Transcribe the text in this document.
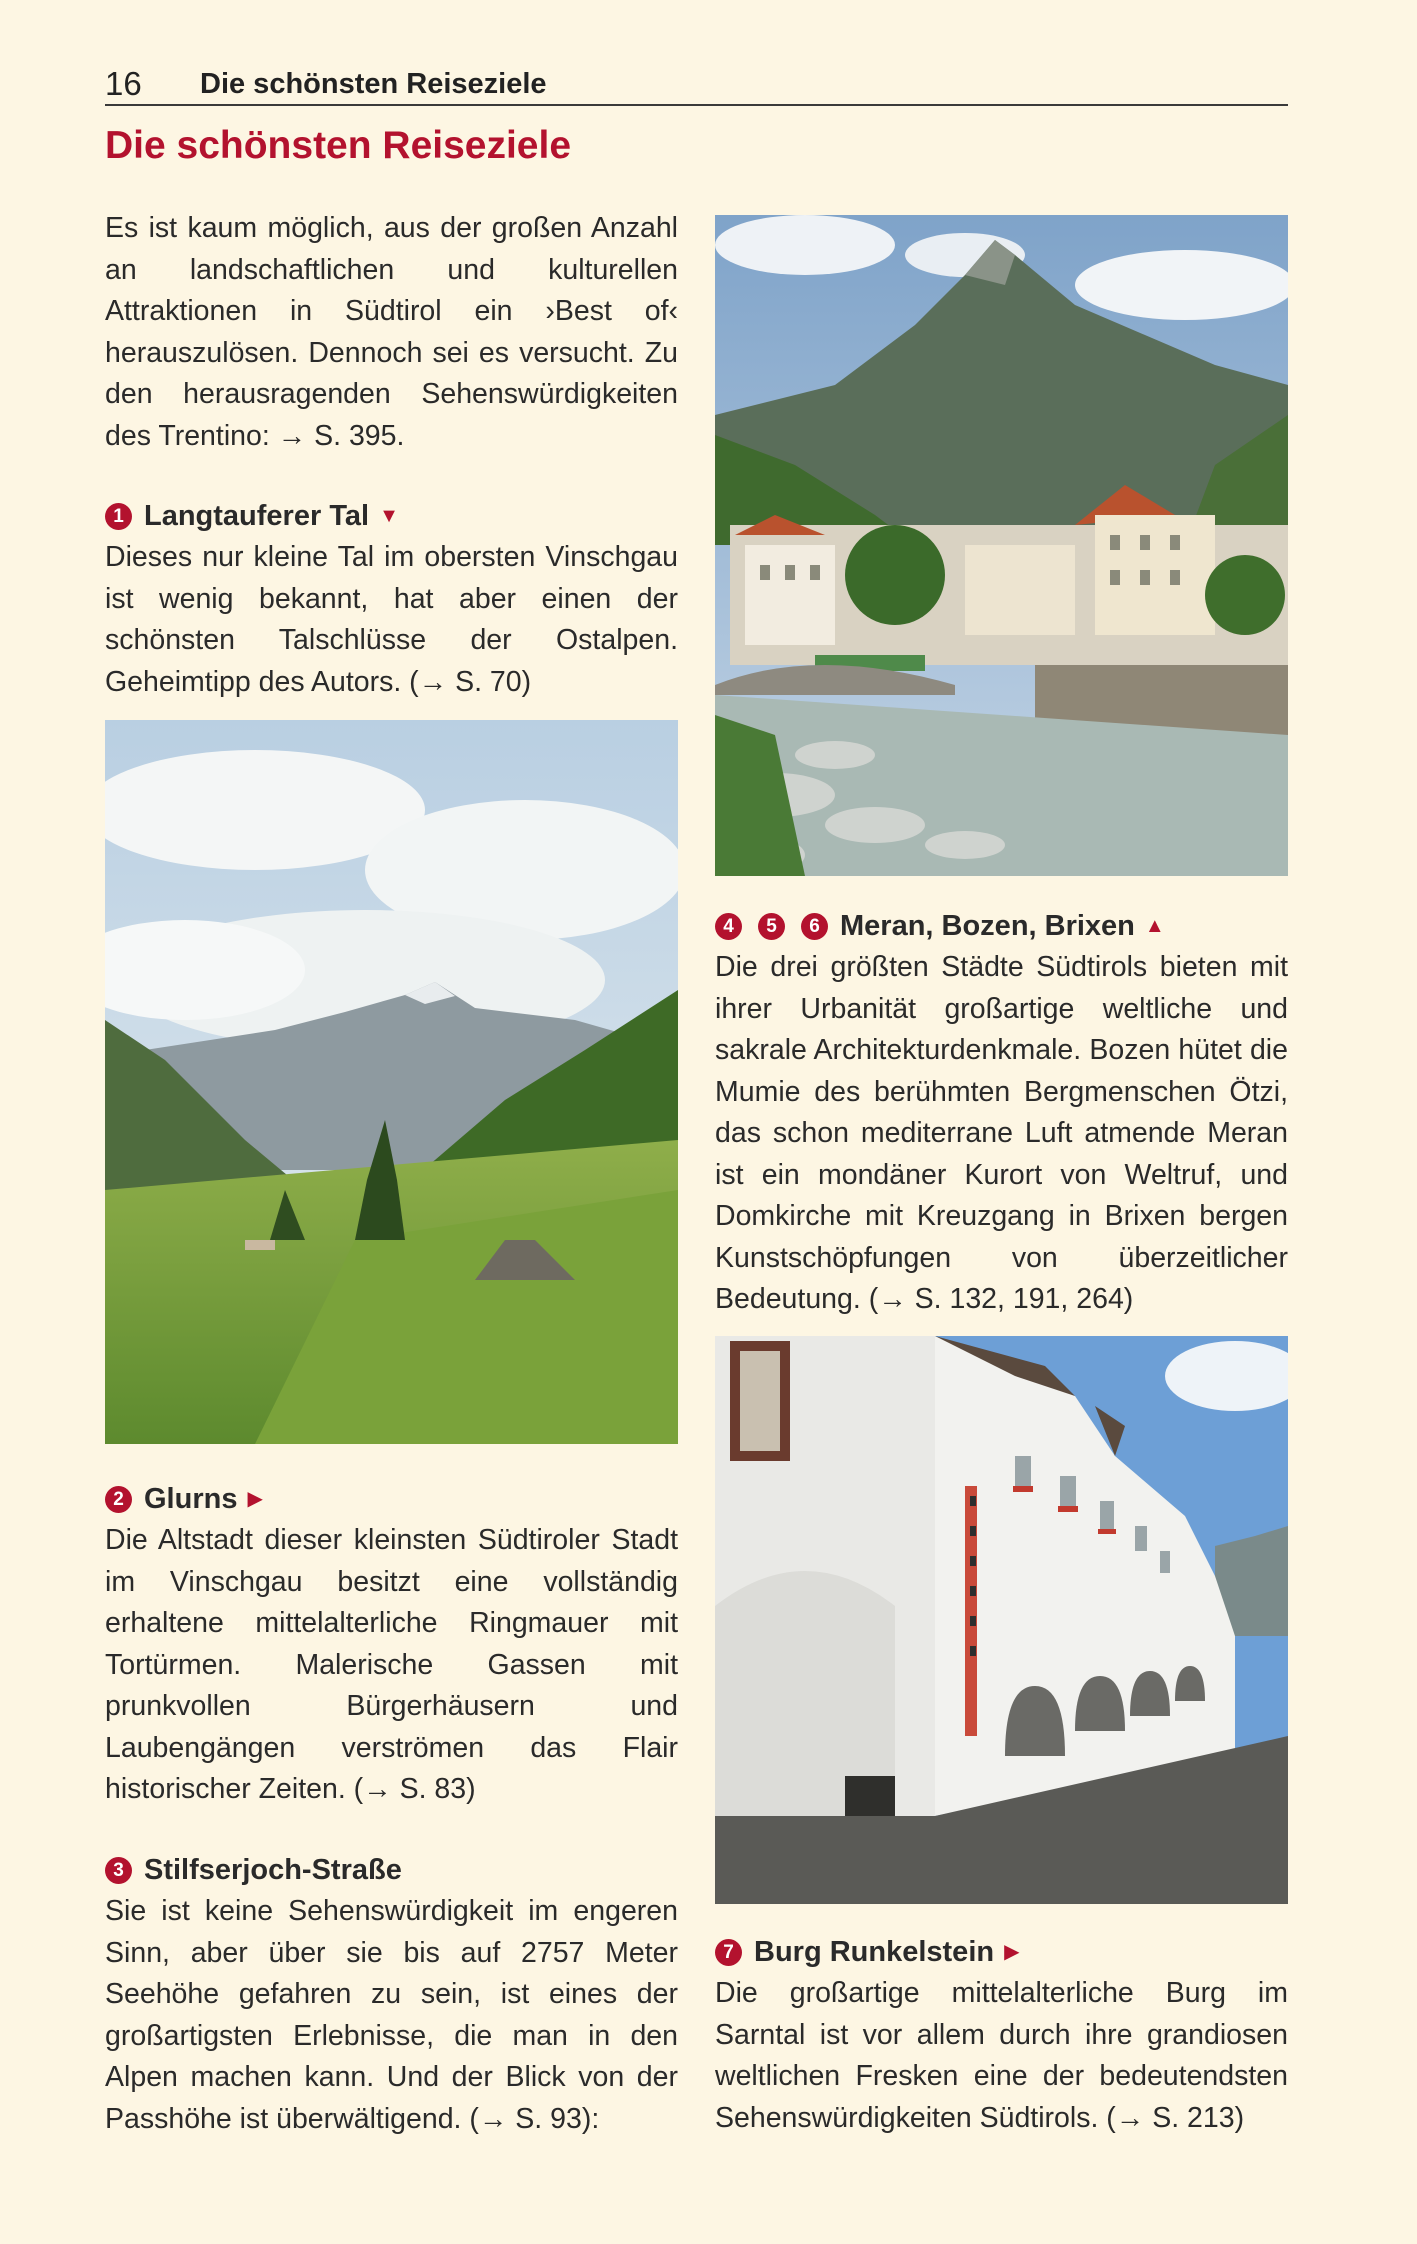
16 Die schönsten Reiseziele
Die schönsten Reiseziele

Es ist kaum möglich, aus der großen Anzahl an landschaftlichen und kulturellen Attraktionen in Südtirol ein ›Best of‹ herauszulösen. Dennoch sei es versucht. Zu den herausragenden Sehenswürdigkeiten des Trentino: → S. 395.

1 Langtauferer Tal ▼

Dieses nur kleine Tal im obersten Vinschgau ist wenig bekannt, hat aber einen der schönsten Talschlüsse der Ostalpen. Geheimtipp des Autors. (→ S. 70)

2 Glurns ▶

Die Altstadt dieser kleinsten Südtiroler Stadt im Vinschgau besitzt eine vollständig erhaltene mittelalterliche Ringmauer mit Tortürmen. Malerische Gassen mit prunkvollen Bürgerhäusern und Laubengängen verströmen das Flair historischer Zeiten. (→ S. 83)

3 Stilfserjoch-Straße

Sie ist keine Sehenswürdigkeit im engeren Sinn, aber über sie bis auf 2757 Meter Seehöhe gefahren zu sein, ist eines der großartigsten Erlebnisse, die man in den Alpen machen kann. Und der Blick von der Passhöhe ist überwältigend. (→ S. 93):

4	5	6 Meran, Bozen, Brixen ▲

Die drei größten Städte Südtirols bieten mit ihrer Urbanität großartige weltliche und sakrale Architekturdenkmale. Bozen hütet die Mumie des berühmten Bergmenschen Ötzi, das schon mediterrane Luft atmende Meran ist ein mondäner Kurort von Weltruf, und Domkirche mit Kreuzgang in Brixen bergen Kunstschöpfungen von überzeitlicher Bedeutung. (→ S. 132, 191, 264)

7 Burg Runkelstein ▶

Die großartige mittelalterliche Burg im Sarntal ist vor allem durch ihre grandiosen weltlichen Fresken eine der bedeutendsten Sehenswürdigkeiten Südtirols. (→ S. 213)
